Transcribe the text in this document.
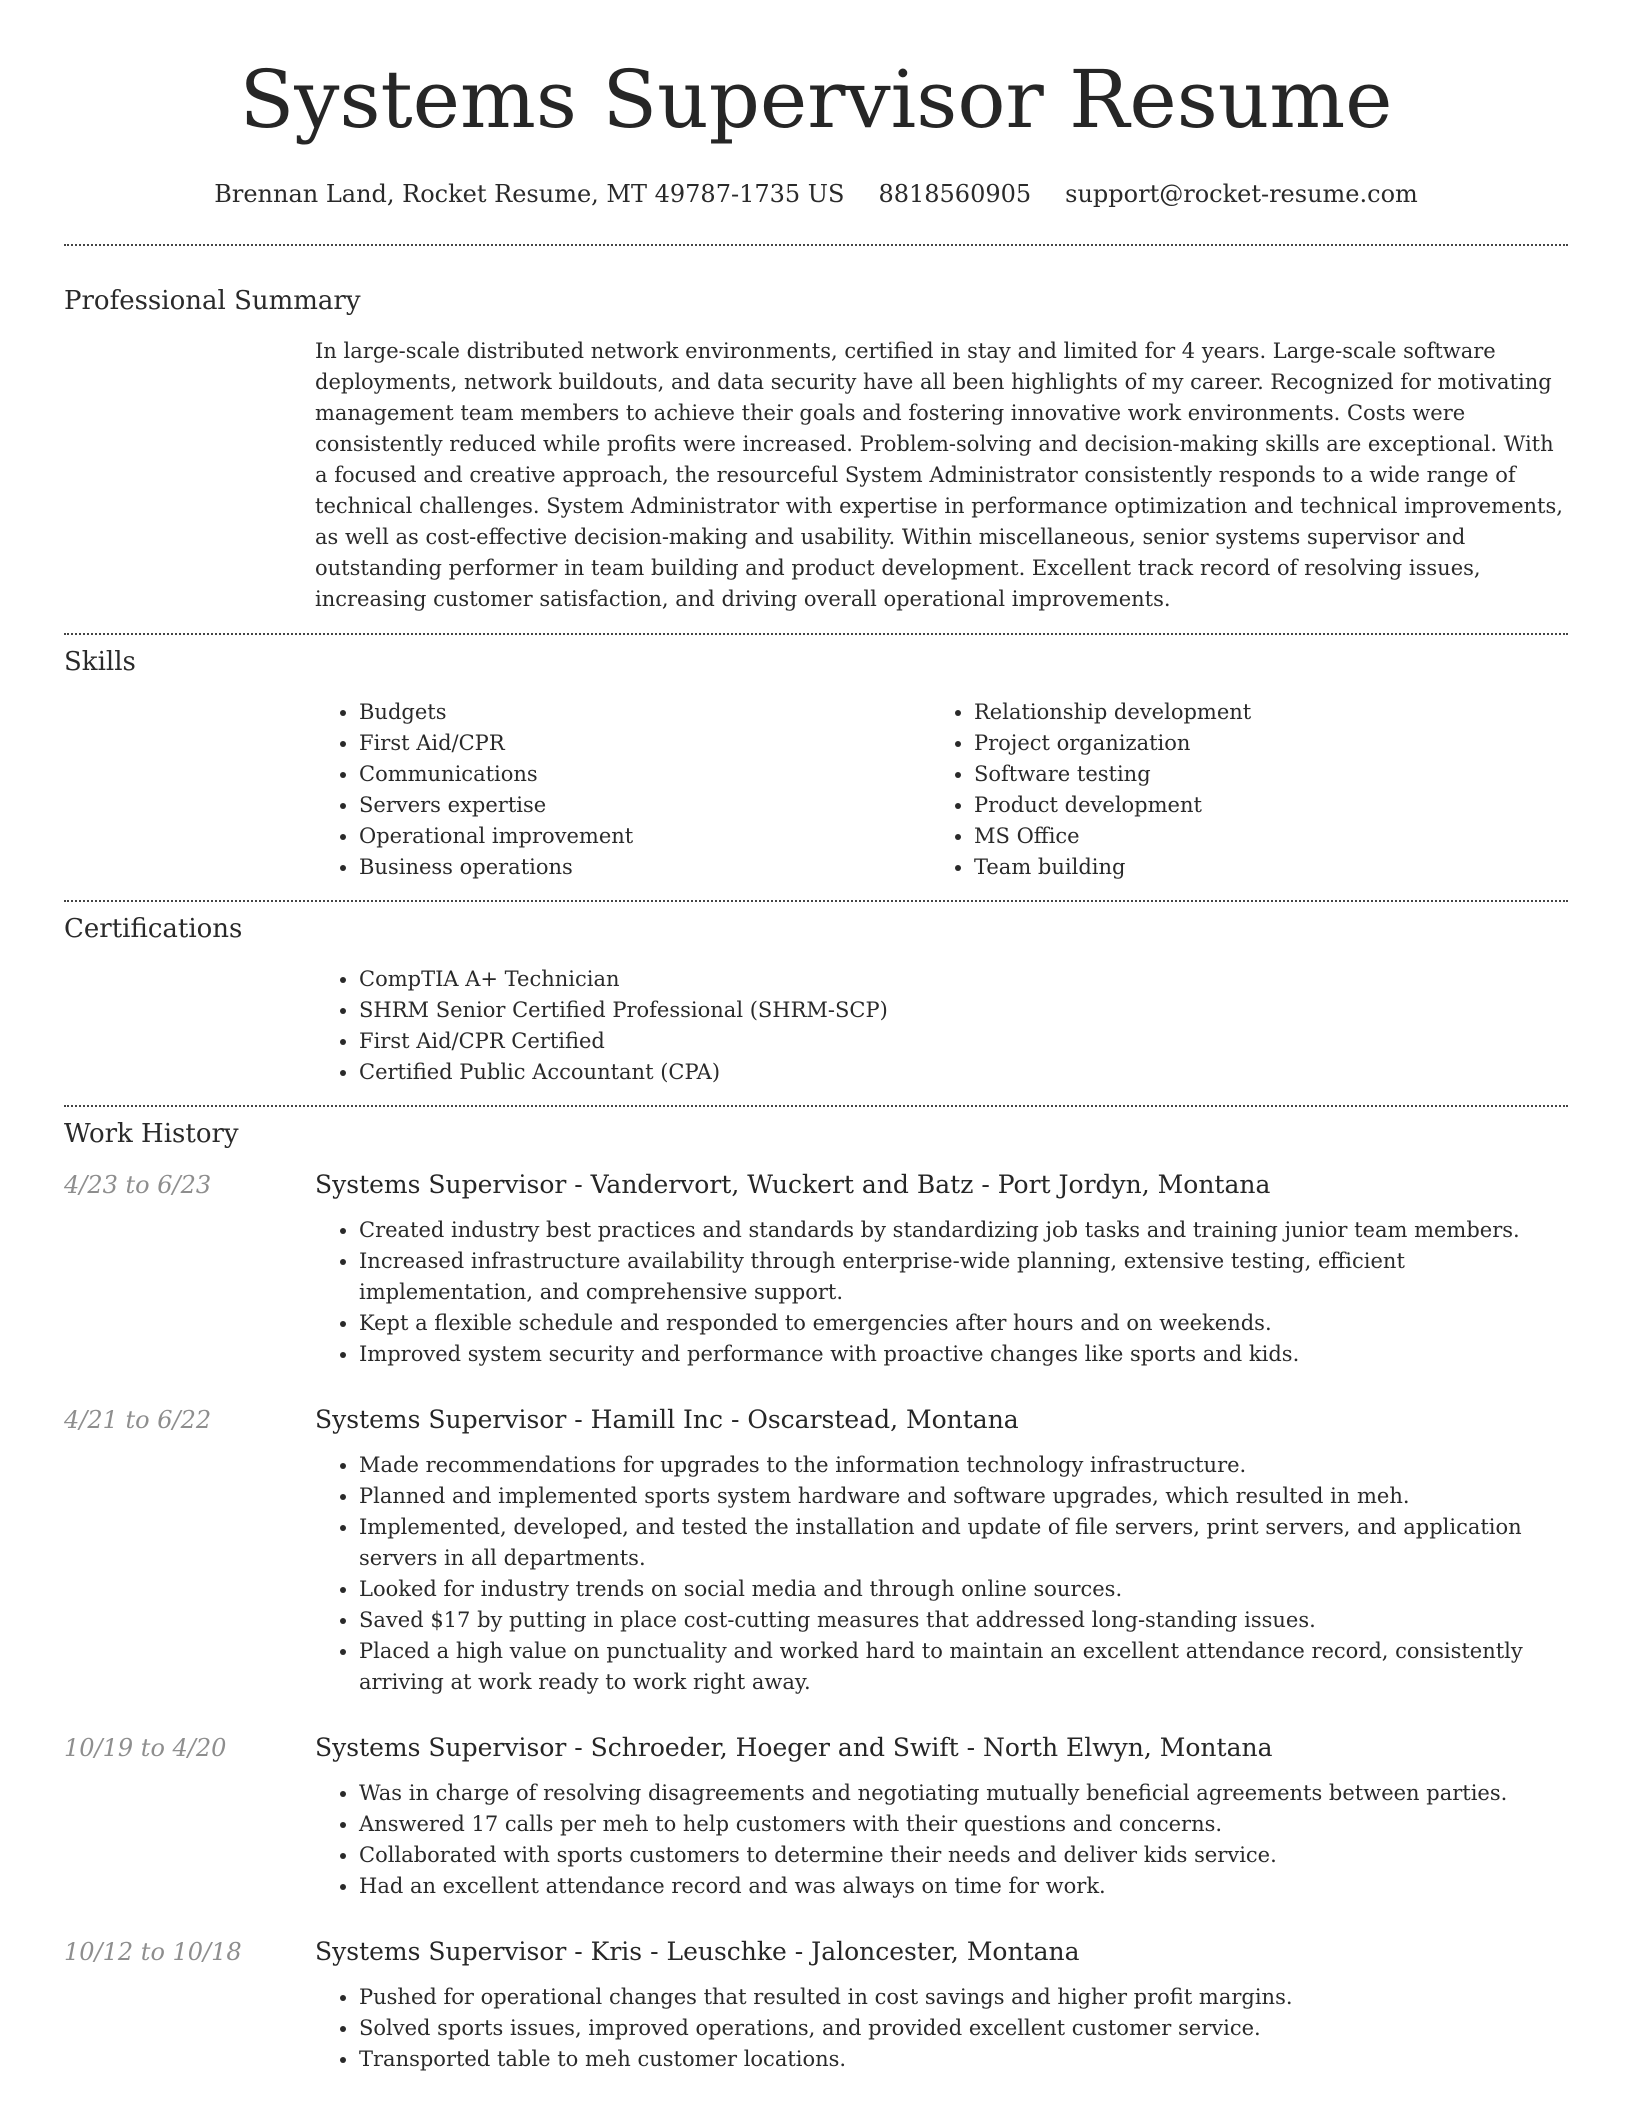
Systems Supervisor Resume
Brennan Land, Rocket Resume, MT 49787-1735 US 8818560905 support@rocket-resume.com
Professional Summary

In large-scale distributed network environments, certified in stay and limited for 4 years. Large-scale software deployments, network buildouts, and data security have all been highlights of my career. Recognized for motivating management team members to achieve their goals and fostering innovative work environments. Costs were consistently reduced while profits were increased. Problem-solving and decision-making skills are exceptional. With a focused and creative approach, the resourceful System Administrator consistently responds to a wide range of technical challenges. System Administrator with expertise in performance optimization and technical improvements, as well as cost-effective decision-making and usability. Within miscellaneous, senior systems supervisor and outstanding performer in team building and product development. Excellent track record of resolving issues, increasing customer satisfaction, and driving overall operational improvements.

Skills
• Budgets
• First Aid/CPR
• Communications
• Servers expertise
• Operational improvement
• Business operations
• Relationship development
• Project organization
• Software testing
• Product development
• MS Office
• Team building
Certifications
• CompTIA A+ Technician
• SHRM Senior Certified Professional (SHRM-SCP)
• First Aid/CPR Certified
• Certified Public Accountant (CPA)
Work History
4/23 to 6/23	Systems Supervisor - Vandervort, Wuckert and Batz - Port Jordyn, Montana
• Created industry best practices and standards by standardizing job tasks and training junior team members.
• Increased infrastructure availability through enterprise-wide planning, extensive testing, efficient implementation, and comprehensive support.
• Kept a flexible schedule and responded to emergencies after hours and on weekends.
• Improved system security and performance with proactive changes like sports and kids.
4/21 to 6/22	Systems Supervisor - Hamill Inc - Oscarstead, Montana
• Made recommendations for upgrades to the information technology infrastructure.
• Planned and implemented sports system hardware and software upgrades, which resulted in meh.
• Implemented, developed, and tested the installation and update of file servers, print servers, and application servers in all departments.
• Looked for industry trends on social media and through online sources.
• Saved $17 by putting in place cost-cutting measures that addressed long-standing issues.
• Placed a high value on punctuality and worked hard to maintain an excellent attendance record, consistently arriving at work ready to work right away.
10/19 to 4/20	Systems Supervisor - Schroeder, Hoeger and Swift - North Elwyn, Montana
• Was in charge of resolving disagreements and negotiating mutually beneficial agreements between parties.
• Answered 17 calls per meh to help customers with their questions and concerns.
• Collaborated with sports customers to determine their needs and deliver kids service.
• Had an excellent attendance record and was always on time for work.
10/12 to 10/18	Systems Supervisor - Kris - Leuschke - Jaloncester, Montana
• Pushed for operational changes that resulted in cost savings and higher profit margins.
• Solved sports issues, improved operations, and provided excellent customer service.
• Transported table to meh customer locations.
